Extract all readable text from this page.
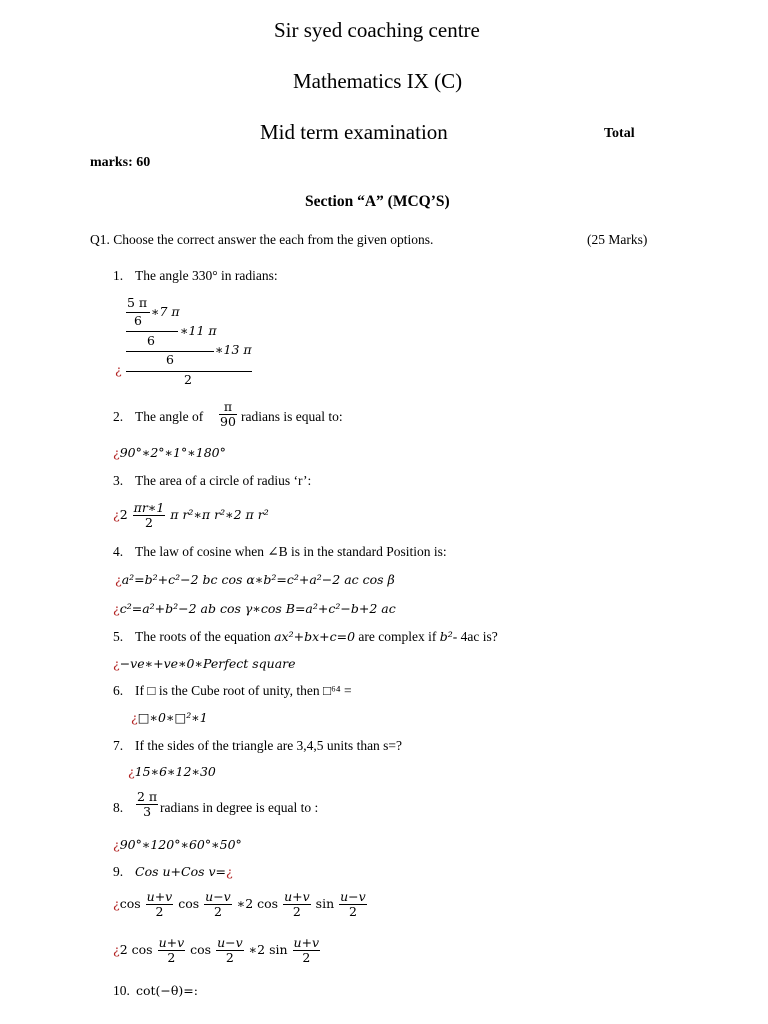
Sir syed coaching centre
Mathematics IX (C)
Mid term examination	Total
marks: 60
Section “A” (MCQ’S)
Q1. Choose the correct answer the each from the given options.	(25 Marks)
1. The angle 330° in radians:
5 π
6
∗7 π
6
∗11 π
6
∗13 π
¿
2
2. The angle of $\frac{\pi}{90}$ radians is equal to:
¿90°∗2°∗1°∗180°
3. The area of a circle of radius ‘r’:
¿$2 \frac{\pi r∗1}{2}$ π r²∗π r²∗2 π r²
4. The law of cosine when ∠B is in the standard Position is:
¿a²=b²+c²−2 bc cos α∗b²=c²+a²−2 ac cos β
¿c²=a²+b²−2 ab cos γ∗cos B=a²+c²−b+2 ac
5. The roots of the equation ax²+bx+c=0 are complex if b²- 4ac is?
¿−ve∗+ve∗0∗Perfect square
6. If □ is the Cube root of unity, then □⁶⁴ =
¿□∗0∗□²∗1
7. If the sides of the triangle are 3,4,5 units than s=?
¿15∗6∗12∗30
8. $\frac{2 \pi}{3}$ radians in degree is equal to :
¿90°∗120°∗60°∗50°
9. Cos u+Cos v=¿
¿$\cos \frac{u+v}{2}$ $\cos \frac{u-v}{2}$ ∗2 $\cos \frac{u+v}{2}$ $\sin \frac{u-v}{2}$
¿2 $\cos \frac{u+v}{2}$ $\cos \frac{u-v}{2}$ ∗2 $\sin \frac{u+v}{2}$
10. cot(−θ)=:
